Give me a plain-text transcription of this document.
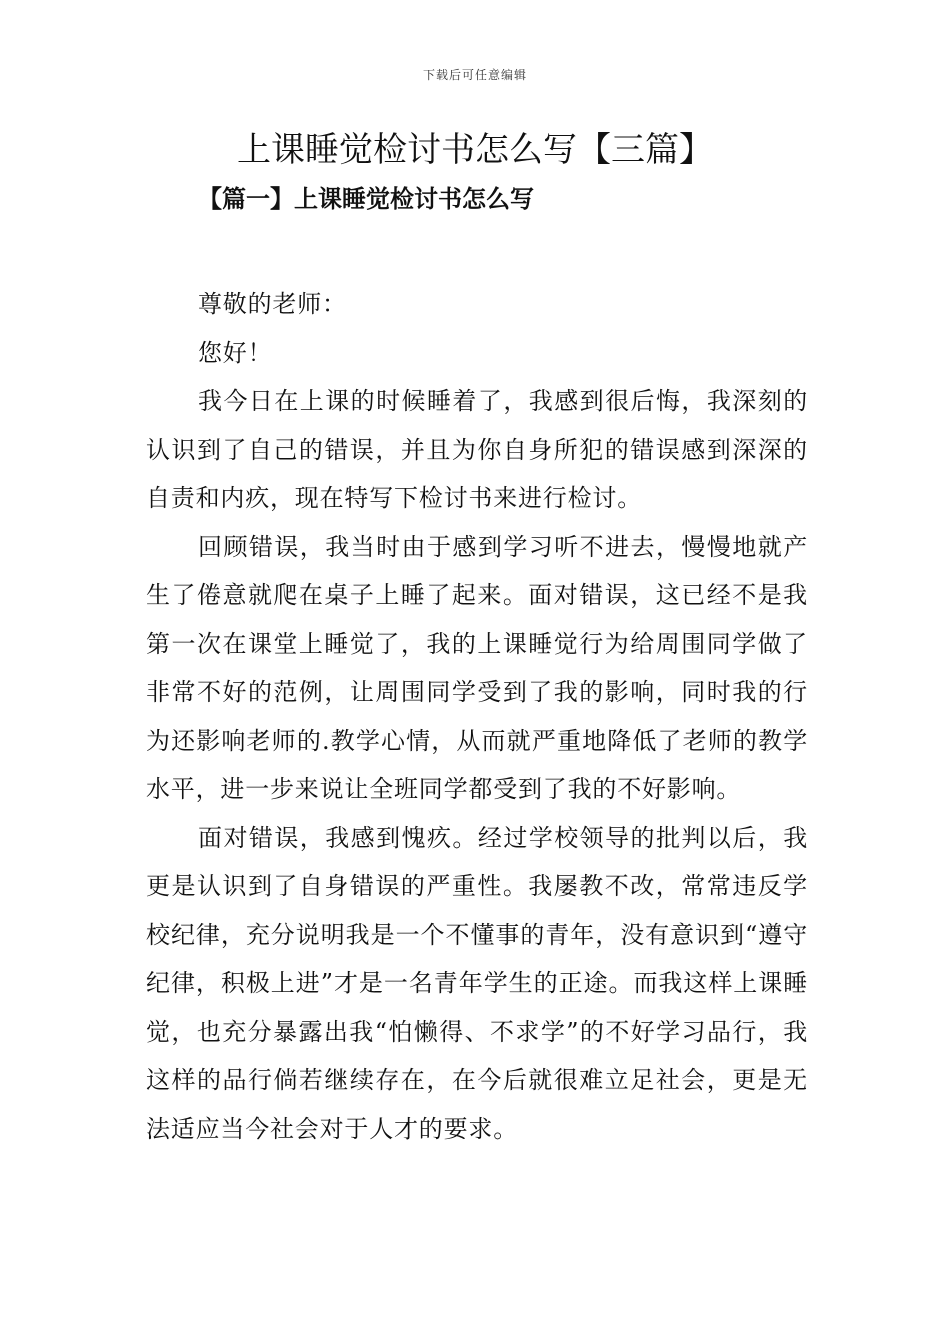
下载后可任意编辑
上课睡觉检讨书怎么写【三篇】
【篇一】上课睡觉检讨书怎么写

尊敬的老师：

您好！

我今日在上课的时候睡着了，我感到很后悔，我深刻的认识到了自己的错误，并且为你自身所犯的错误感到深深的自责和内疚，现在特写下检讨书来进行检讨。

回顾错误，我当时由于感到学习听不进去，慢慢地就产生了倦意就爬在桌子上睡了起来。面对错误，这已经不是我第一次在课堂上睡觉了，我的上课睡觉行为给周围同学做了非常不好的范例，让周围同学受到了我的影响，同时我的行为还影响老师的.教学心情，从而就严重地降低了老师的教学水平，进一步来说让全班同学都受到了我的不好影响。

面对错误，我感到愧疚。经过学校领导的批判以后，我更是认识到了自身错误的严重性。我屡教不改，常常违反学校纪律，充分说明我是一个不懂事的青年，没有意识到“遵守纪律，积极上进”才是一名青年学生的正途。而我这样上课睡觉，也充分暴露出我“怕懒得、不求学”的不好学习品行，我这样的品行倘若继续存在，在今后就很难立足社会，更是无法适应当今社会对于人才的要求。
